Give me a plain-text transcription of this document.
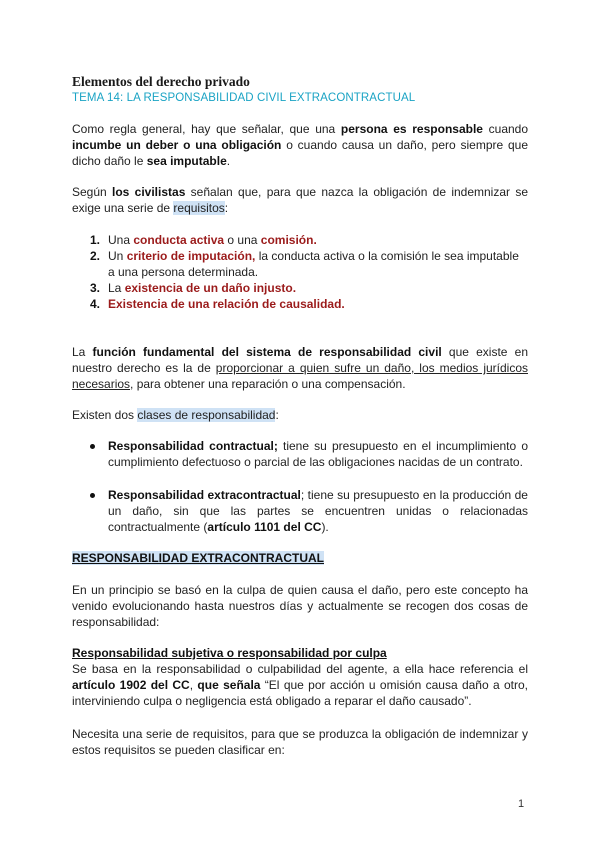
Elementos del derecho privado
TEMA 14: LA RESPONSABILIDAD CIVIL EXTRACONTRACTUAL
Como regla general, hay que señalar, que una persona es responsable cuando incumbe un deber o una obligación o cuando causa un daño, pero siempre que dicho daño le sea imputable.
Según los civilistas señalan que, para que nazca la obligación de indemnizar se exige una serie de requisitos:
1. Una conducta activa o una comisión.
2. Un criterio de imputación, la conducta activa o la comisión le sea imputable a una persona determinada.
3. La existencia de un daño injusto.
4. Existencia de una relación de causalidad.
La función fundamental del sistema de responsabilidad civil que existe en nuestro derecho es la de proporcionar a quien sufre un daño, los medios jurídicos necesarios, para obtener una reparación o una compensación.
Existen dos clases de responsabilidad:
Responsabilidad contractual; tiene su presupuesto en el incumplimiento o cumplimiento defectuoso o parcial de las obligaciones nacidas de un contrato.
Responsabilidad extracontractual; tiene su presupuesto en la producción de un daño, sin que las partes se encuentren unidas o relacionadas contractualmente (artículo 1101 del CC).
RESPONSABILIDAD EXTRACONTRACTUAL
En un principio se basó en la culpa de quien causa el daño, pero este concepto ha venido evolucionando hasta nuestros días y actualmente se recogen dos cosas de responsabilidad:
Responsabilidad subjetiva o responsabilidad por culpa
Se basa en la responsabilidad o culpabilidad del agente, a ella hace referencia el artículo 1902 del CC, que señala “El que por acción u omisión causa daño a otro, interviniendo culpa o negligencia está obligado a reparar el daño causado”.
Necesita una serie de requisitos, para que se produzca la obligación de indemnizar y estos requisitos se pueden clasificar en:
1
